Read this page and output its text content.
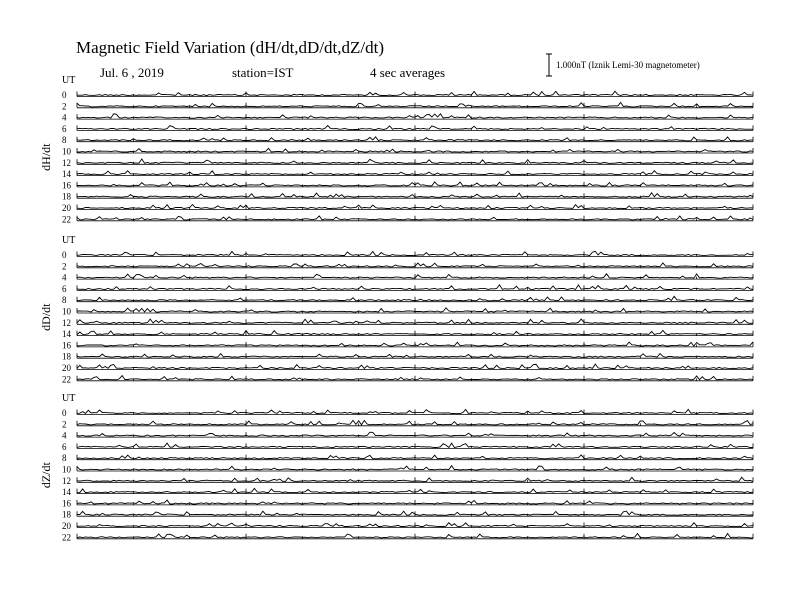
Magnetic Field Variation (dH/dt,dD/dt,dZ/dt)
Jul. 6 , 2019	station=IST	4 sec averages	1.000nT (Iznik Lemi-30 magnetometer)
UT
dH/dt
0
2
4
6
8
10
12
14
16
18
20
22
UT
dD/dt
0
2
4
6
8
10
12
14
16
18
20
22
UT
dZ/dt
0
2
4
6
8
10
12
14
16
18
20
22
